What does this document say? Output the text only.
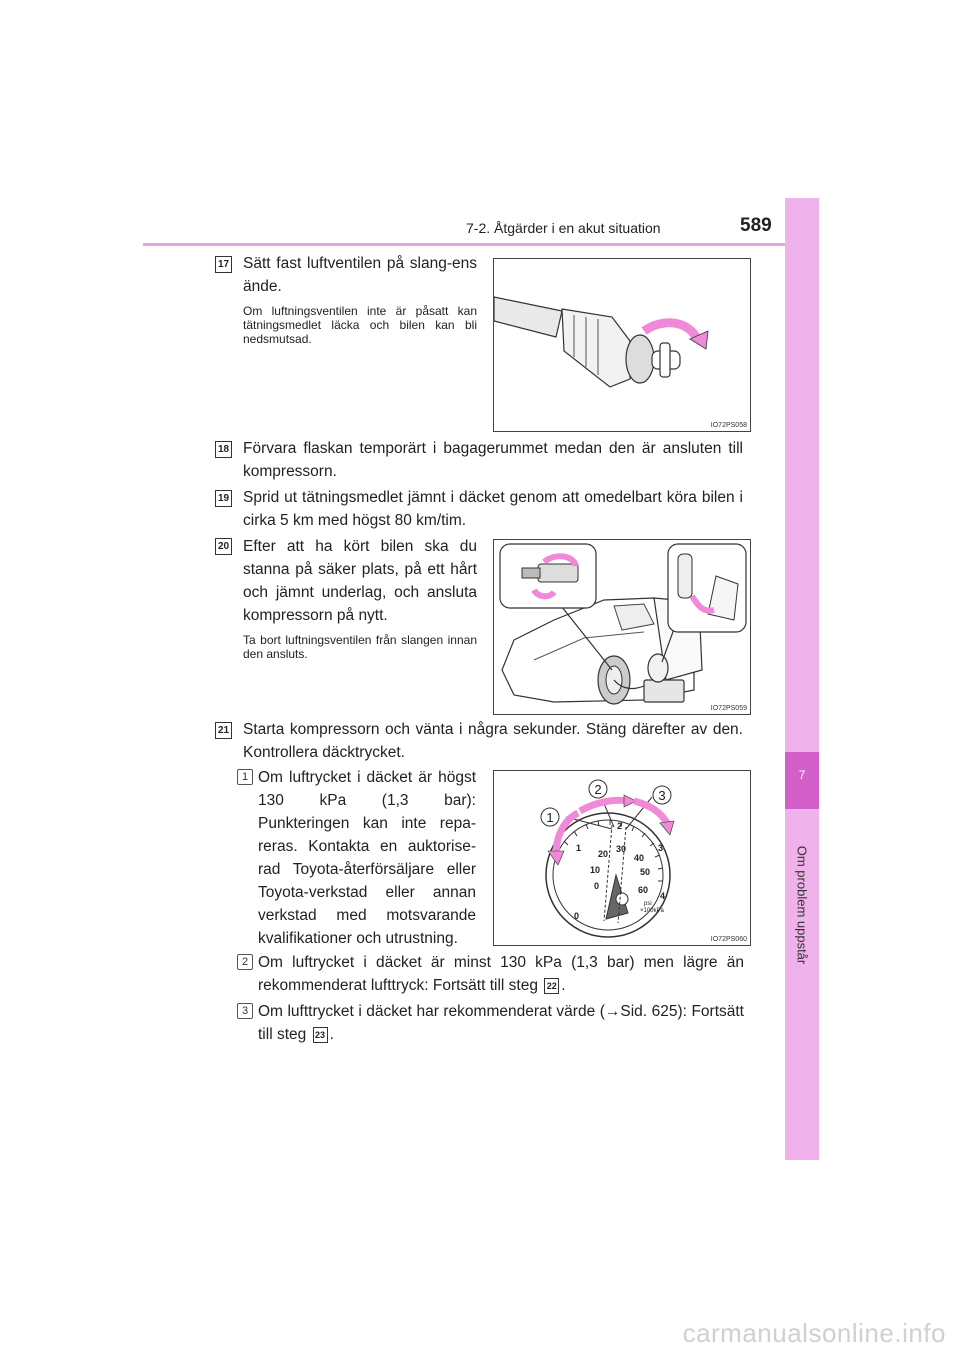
7-2. Åtgärder i en akut situation	589
7
Om problem uppstår
17 Sätt fast luftventilen på slang-ens ände.
Om luftningsventilen inte är påsatt kan tätningsmedlet läcka och bilen kan bli nedsmutsad.
IO72PS058
18 Förvara flaskan temporärt i bagagerummet medan den är ansluten till kompressorn.
19 Sprid ut tätningsmedlet jämnt i däcket genom att omedelbart köra bilen i cirka 5 km med högst 80 km/tim.
20 Efter att ha kört bilen ska du stanna på säker plats, på ett hårt och jämnt underlag, och ansluta kompressorn på nytt.
Ta bort luftningsventilen från slangen innan den ansluts.
IO72PS059
21 Starta kompressorn och vänta i några sekunder. Stäng därefter av den. Kontrollera däcktrycket.
1 Om luftrycket i däcket är högst 130 kPa (1,3 bar): Punkteringen kan inte repa-reras. Kontakta en auktorise-rad Toyota-återförsäljare eller Toyota-verkstad eller annan verkstad med motsvarande kvalifikationer och utrustning.
1
2	3
0
1
2
3
4
0
10
20 30
40
50
60
psi
×100kPa
IO72PS060
2 Om luftrycket i däcket är minst 130 kPa (1,3 bar) men lägre än rekommenderat lufttryck: Fortsätt till steg 22 .
3 Om lufttrycket i däcket har rekommenderat värde (→Sid. 625): Fortsätt till steg 23 .
carmanualsonline.info
